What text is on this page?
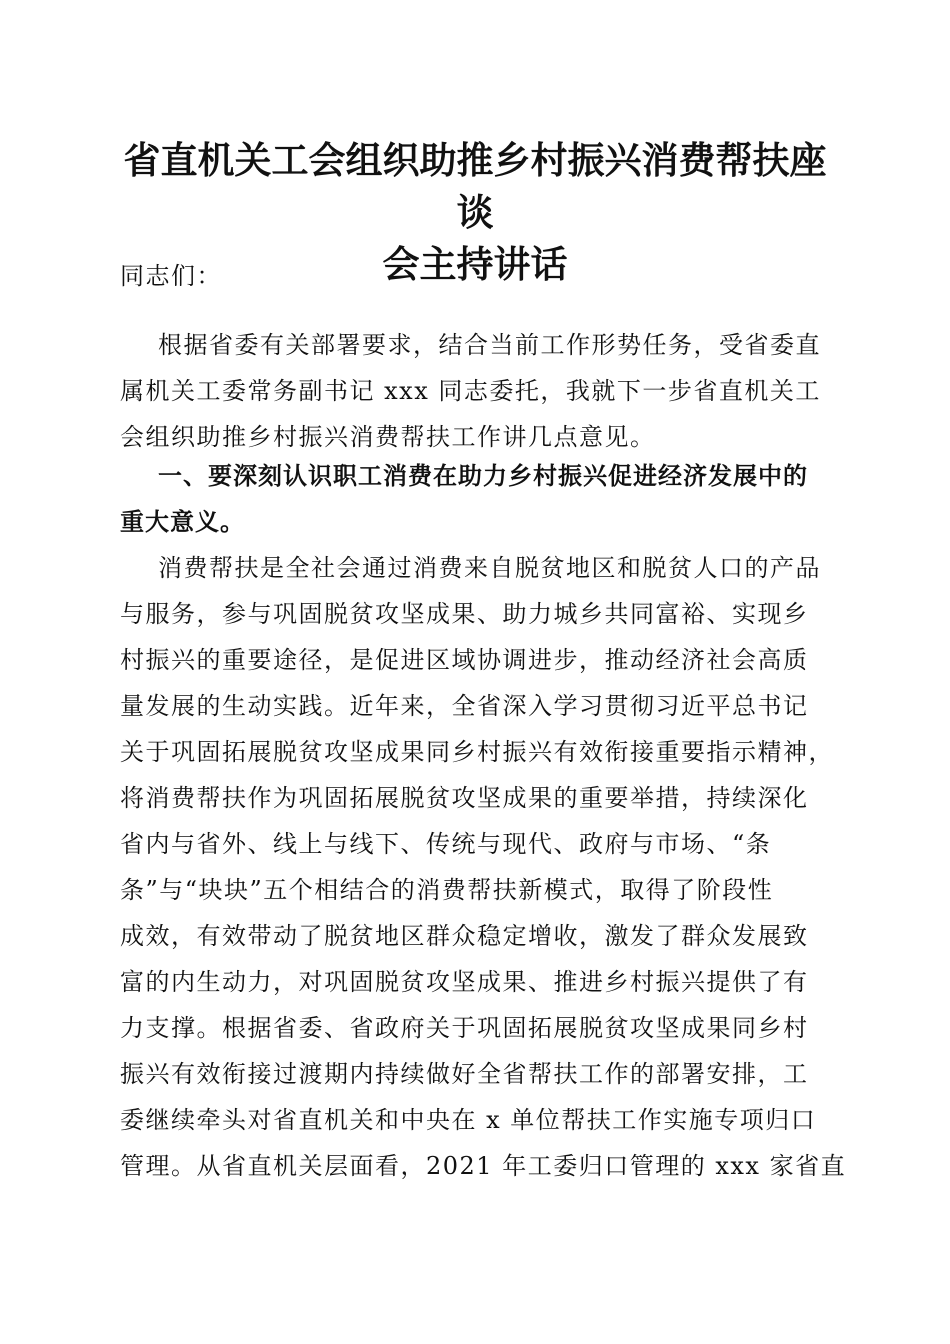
省直机关工会组织助推乡村振兴消费帮扶座谈
会主持讲话
同志们：
根据省委有关部署要求，结合当前工作形势任务，受省委直
属机关工委常务副书记 xxx 同志委托，我就下一步省直机关工
会组织助推乡村振兴消费帮扶工作讲几点意见。
一、要深刻认识职工消费在助力乡村振兴促进经济发展中的
重大意义。
消费帮扶是全社会通过消费来自脱贫地区和脱贫人口的产品
与服务，参与巩固脱贫攻坚成果、助力城乡共同富裕、实现乡
村振兴的重要途径，是促进区域协调进步，推动经济社会高质
量发展的生动实践。近年来，全省深入学习贯彻习近平总书记
关于巩固拓展脱贫攻坚成果同乡村振兴有效衔接重要指示精神，
将消费帮扶作为巩固拓展脱贫攻坚成果的重要举措，持续深化
省内与省外、线上与线下、传统与现代、政府与市场、“条
条”与“块块”五个相结合的消费帮扶新模式，取得了阶段性
成效，有效带动了脱贫地区群众稳定增收，激发了群众发展致
富的内生动力，对巩固脱贫攻坚成果、推进乡村振兴提供了有
力支撑。根据省委、省政府关于巩固拓展脱贫攻坚成果同乡村
振兴有效衔接过渡期内持续做好全省帮扶工作的部署安排，工
委继续牵头对省直机关和中央在 x 单位帮扶工作实施专项归口
管理。从省直机关层面看，2021 年工委归口管理的 xxx 家省直
